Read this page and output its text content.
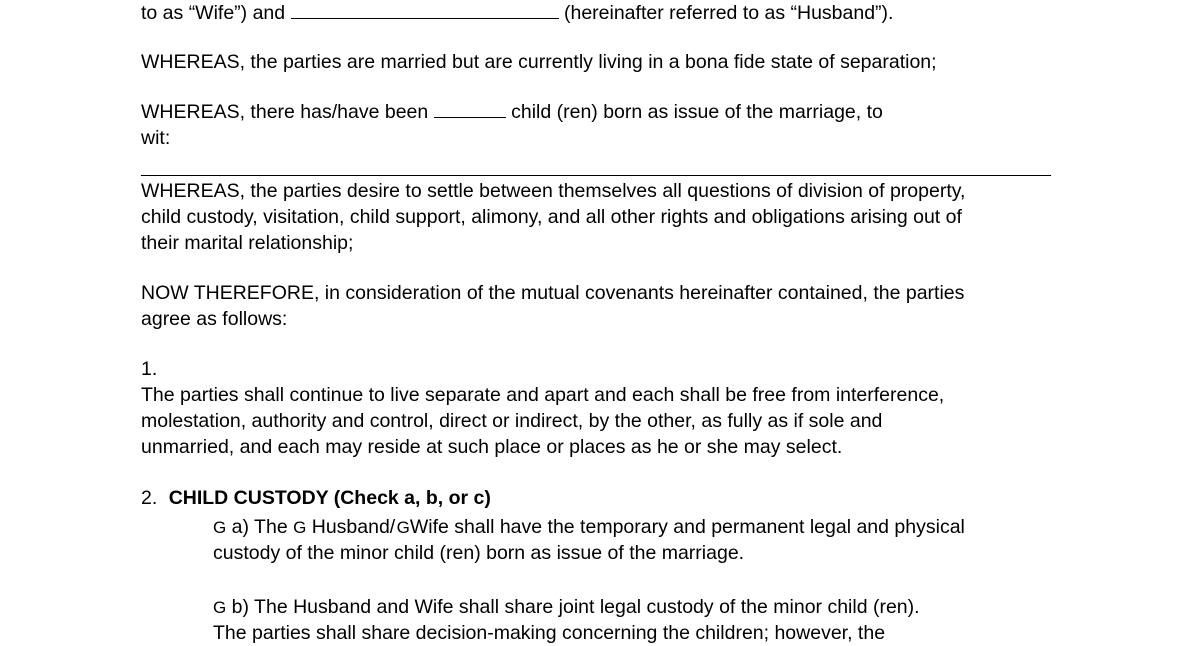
to as “Wife”) and	(hereinafter referred to as “Husband”).
WHEREAS, the parties are married but are currently living in a bona fide state of separation;
WHEREAS, there has/have been	child (ren) born as issue of the marriage, to
wit:
WHEREAS, the parties desire to settle between themselves all questions of division of property,
child custody, visitation, child support, alimony, and all other rights and obligations arising out of
their marital relationship;
NOW THEREFORE, in consideration of the mutual covenants hereinafter contained, the parties
agree as follows:
1.
The parties shall continue to live separate and apart and each shall be free from interference,
molestation, authority and control, direct or indirect, by the other, as fully as if sole and
unmarried, and each may reside at such place or places as he or she may select.
2. CHILD CUSTODY (Check a, b, or c)
G a) The G Husband/ GWife shall have the temporary and permanent legal and physical
custody of the minor child (ren) born as issue of the marriage.
G b) The Husband and Wife shall share joint legal custody of the minor child (ren).
The parties shall share decision-making concerning the children; however, the
